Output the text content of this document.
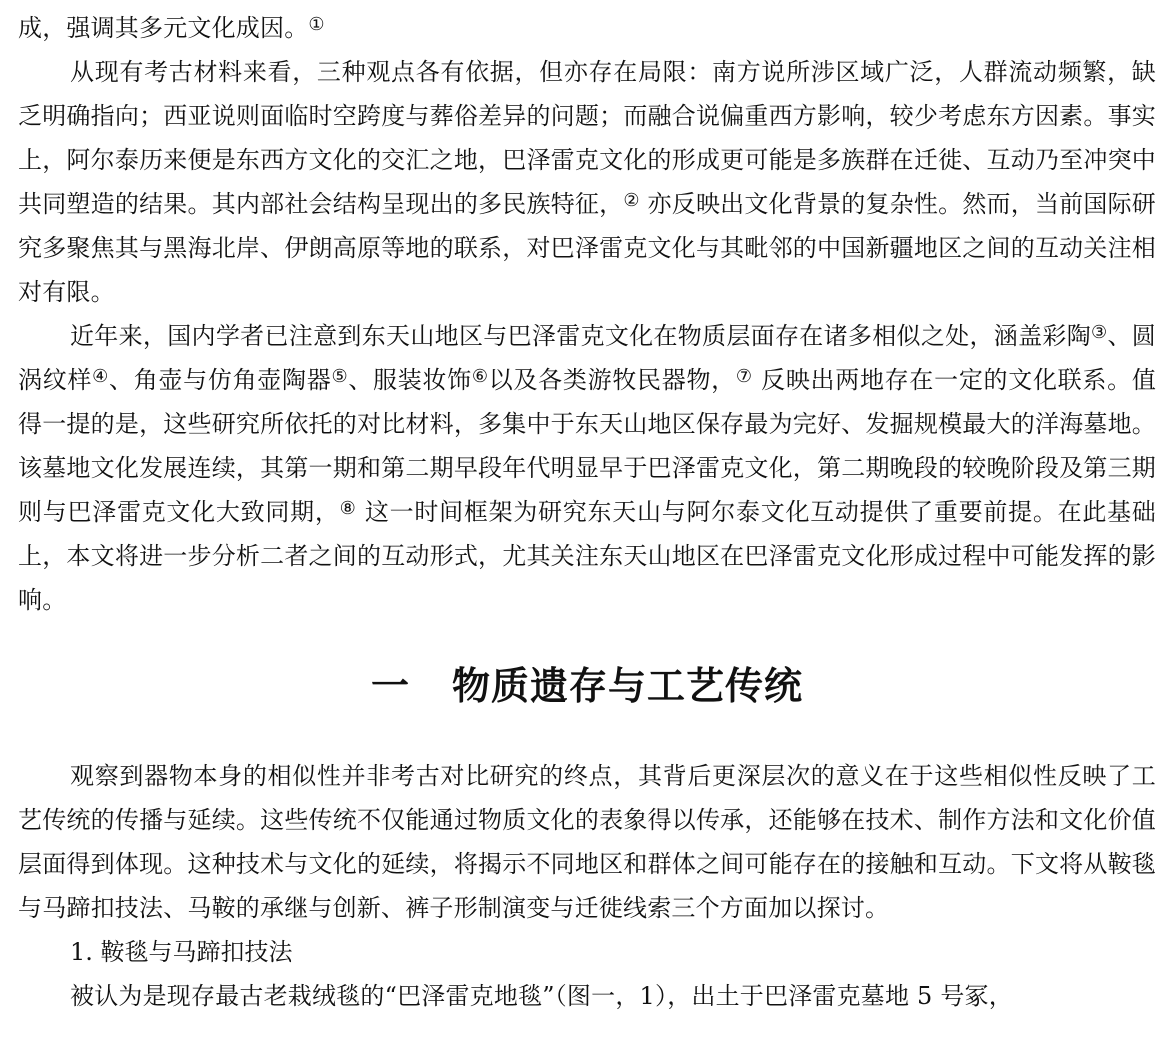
成，强调其多元文化成因。①

从现有考古材料来看，三种观点各有依据，但亦存在局限：南方说所涉区域广泛，人群流动频繁，缺乏明确指向；西亚说则面临时空跨度与葬俗差异的问题；而融合说偏重西方影响，较少考虑东方因素。事实上，阿尔泰历来便是东西方文化的交汇之地，巴泽雷克文化的形成更可能是多族群在迁徙、互动乃至冲突中共同塑造的结果。其内部社会结构呈现出的多民族特征，② 亦反映出文化背景的复杂性。然而，当前国际研究多聚焦其与黑海北岸、伊朗高原等地的联系，对巴泽雷克文化与其毗邻的中国新疆地区之间的互动关注相对有限。

近年来，国内学者已注意到东天山地区与巴泽雷克文化在物质层面存在诸多相似之处，涵盖彩陶③、圆涡纹样④、角壶与仿角壶陶器⑤、服装妆饰⑥以及各类游牧民器物，⑦ 反映出两地存在一定的文化联系。值得一提的是，这些研究所依托的对比材料，多集中于东天山地区保存最为完好、发掘规模最大的洋海墓地。该墓地文化发展连续，其第一期和第二期早段年代明显早于巴泽雷克文化，第二期晚段的较晚阶段及第三期则与巴泽雷克文化大致同期，⑧ 这一时间框架为研究东天山与阿尔泰文化互动提供了重要前提。在此基础上，本文将进一步分析二者之间的互动形式，尤其关注东天山地区在巴泽雷克文化形成过程中可能发挥的影响。

一 物质遗存与工艺传统

观察到器物本身的相似性并非考古对比研究的终点，其背后更深层次的意义在于这些相似性反映了工艺传统的传播与延续。这些传统不仅能通过物质文化的表象得以传承，还能够在技术、制作方法和文化价值层面得到体现。这种技术与文化的延续，将揭示不同地区和群体之间可能存在的接触和互动。下文将从鞍毯与马蹄扣技法、马鞍的承继与创新、裤子形制演变与迁徙线索三个方面加以探讨。

1. 鞍毯与马蹄扣技法

被认为是现存最古老栽绒毯的“巴泽雷克地毯”（图一，1），出土于巴泽雷克墓地 5 号冢，
